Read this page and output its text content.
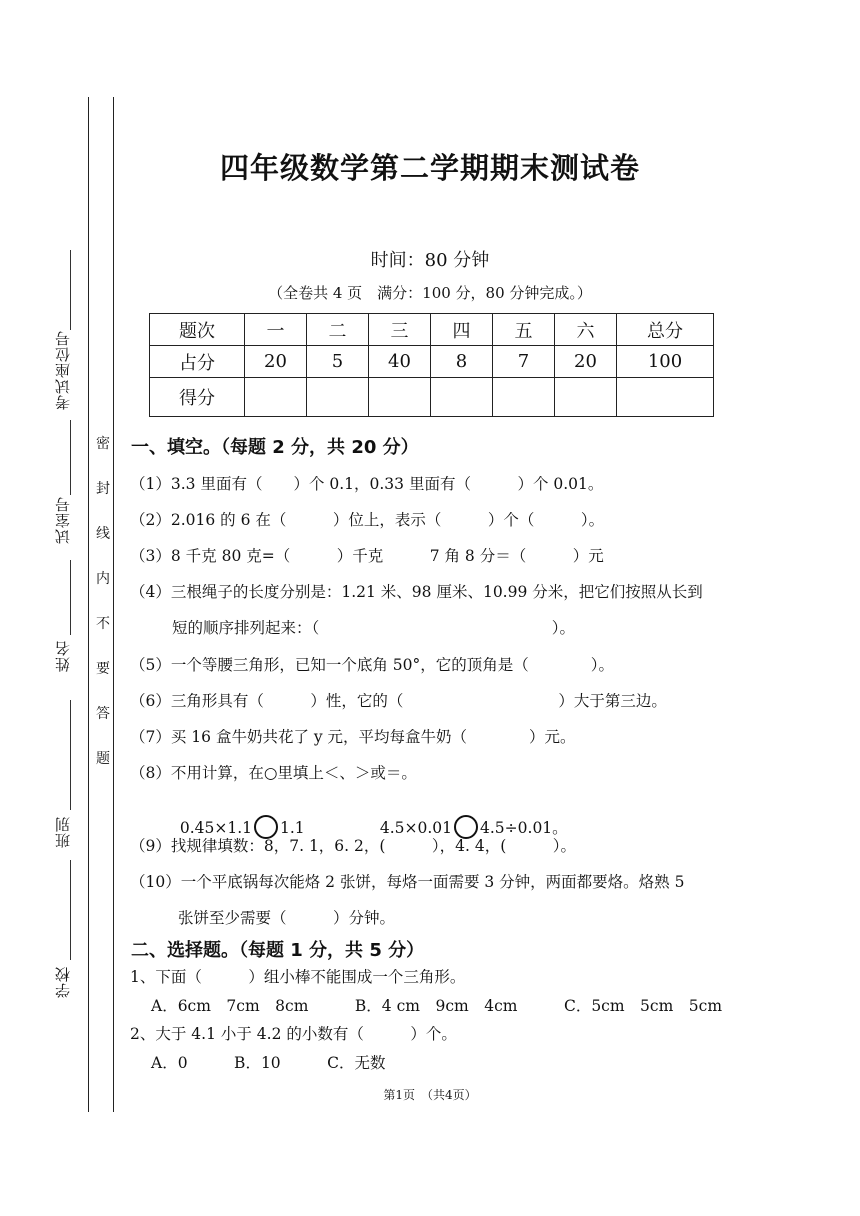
考试座位号
试室号
姓名
班别
学校
密
封
线
内
不
要
答
题
四年级数学第二学期期末测试卷
时间：80 分钟
（全卷共 4 页　满分：100 分，80 分钟完成。）
题次	一	二	三	四	五	六	总分
占分	20	5	40	8	7	20	100
得分							
一、填空。（每题 2 分，共 20 分）
（1）3.3 里面有（　　）个 0.1，0.33 里面有（　　　）个 0.01。
（2）2.016 的 6 在（　　　）位上，表示（　　　）个（　　　）。
（3）8 千克 80 克=（　　　）千克　　　7 角 8 分＝（　　　）元
（4）三根绳子的长度分别是：1.21 米、98 厘米、10.99 分米，把它们按照从长到
短的顺序排列起来：（　　　　　　　　　　　　　　　）。
（5）一个等腰三角形，已知一个底角 50°，它的顶角是（　　　　）。
（6）三角形具有（　　　）性，它的（　　　　　　　　　　）大于第三边。
（7）买 16 盒牛奶共花了 y 元，平均每盒牛奶（　　　　）元。
（8）不用计算，在○里填上＜、＞或＝。

0.45×1.1 1.1	4.5×0.01 4.5÷0.01。

（9）找规律填数：8，7. 1，6. 2，(　　　），4. 4，(　　　）。
（10）一个平底锅每次能烙 2 张饼，每烙一面需要 3 分钟，两面都要烙。烙熟 5
张饼至少需要（　　　）分钟。
二、选择题。（每题 1 分，共 5 分）
1、下面（　　　）组小棒不能围成一个三角形。
A．6cm　7cm　8cm　　　B．4 cm　9cm　4cm　　　C．5cm　5cm　5cm
2、大于 4.1 小于 4.2 的小数有（　　　）个。
A．0　　　B．10　　　C．无数
第1页　（共4页）
